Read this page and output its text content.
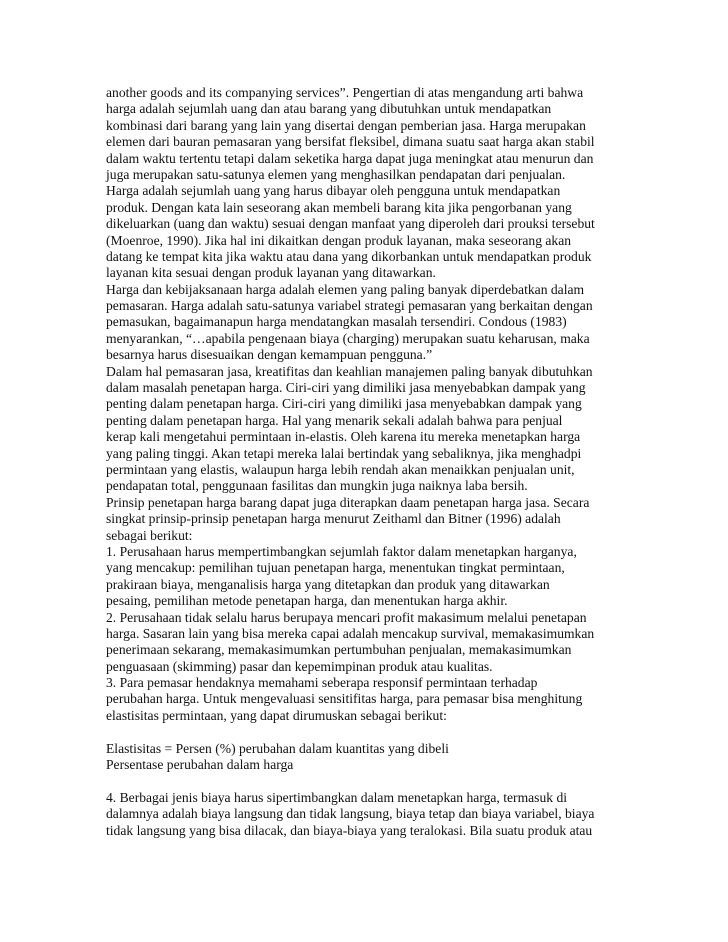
another goods and its companying services”. Pengertian di atas mengandung arti bahwa
harga adalah sejumlah uang dan atau barang yang dibutuhkan untuk mendapatkan
kombinasi dari barang yang lain yang disertai dengan pemberian jasa. Harga merupakan
elemen dari bauran pemasaran yang bersifat fleksibel, dimana suatu saat harga akan stabil
dalam waktu tertentu tetapi dalam seketika harga dapat juga meningkat atau menurun dan
juga merupakan satu-satunya elemen yang menghasilkan pendapatan dari penjualan.
Harga adalah sejumlah uang yang harus dibayar oleh pengguna untuk mendapatkan
produk. Dengan kata lain seseorang akan membeli barang kita jika pengorbanan yang
dikeluarkan (uang dan waktu) sesuai dengan manfaat yang diperoleh dari prouksi tersebut
(Moenroe, 1990). Jika hal ini dikaitkan dengan produk layanan, maka seseorang akan
datang ke tempat kita jika waktu atau dana yang dikorbankan untuk mendapatkan produk
layanan kita sesuai dengan produk layanan yang ditawarkan.
Harga dan kebijaksanaan harga adalah elemen yang paling banyak diperdebatkan dalam
pemasaran. Harga adalah satu-satunya variabel strategi pemasaran yang berkaitan dengan
pemasukan, bagaimanapun harga mendatangkan masalah tersendiri. Condous (1983)
menyarankan, “…apabila pengenaan biaya (charging) merupakan suatu keharusan, maka
besarnya harus disesuaikan dengan kemampuan pengguna.”
Dalam hal pemasaran jasa, kreatifitas dan keahlian manajemen paling banyak dibutuhkan
dalam masalah penetapan harga. Ciri-ciri yang dimiliki jasa menyebabkan dampak yang
penting dalam penetapan harga. Ciri-ciri yang dimiliki jasa menyebabkan dampak yang
penting dalam penetapan harga. Hal yang menarik sekali adalah bahwa para penjual
kerap kali mengetahui permintaan in-elastis. Oleh karena itu mereka menetapkan harga
yang paling tinggi. Akan tetapi mereka lalai bertindak yang sebaliknya, jika menghadpi
permintaan yang elastis, walaupun harga lebih rendah akan menaikkan penjualan unit,
pendapatan total, penggunaan fasilitas dan mungkin juga naiknya laba bersih.
Prinsip penetapan harga barang dapat juga diterapkan daam penetapan harga jasa. Secara
singkat prinsip-prinsip penetapan harga menurut Zeithaml dan Bitner (1996) adalah
sebagai berikut:
1. Perusahaan harus mempertimbangkan sejumlah faktor dalam menetapkan harganya,
yang mencakup: pemilihan tujuan penetapan harga, menentukan tingkat permintaan,
prakiraan biaya, menganalisis harga yang ditetapkan dan produk yang ditawarkan
pesaing, pemilihan metode penetapan harga, dan menentukan harga akhir.
2. Perusahaan tidak selalu harus berupaya mencari profit makasimum melalui penetapan
harga. Sasaran lain yang bisa mereka capai adalah mencakup survival, memakasimumkan
penerimaan sekarang, memakasimumkan pertumbuhan penjualan, memakasimumkan
penguasaan (skimming) pasar dan kepemimpinan produk atau kualitas.
3. Para pemasar hendaknya memahami seberapa responsif permintaan terhadap
perubahan harga. Untuk mengevaluasi sensitifitas harga, para pemasar bisa menghitung
elastisitas permintaan, yang dapat dirumuskan sebagai berikut:
Elastisitas = Persen (%) perubahan dalam kuantitas yang dibeli
Persentase perubahan dalam harga
4. Berbagai jenis biaya harus sipertimbangkan dalam menetapkan harga, termasuk di
dalamnya adalah biaya langsung dan tidak langsung, biaya tetap dan biaya variabel, biaya
tidak langsung yang bisa dilacak, dan biaya-biaya yang teralokasi. Bila suatu produk atau
